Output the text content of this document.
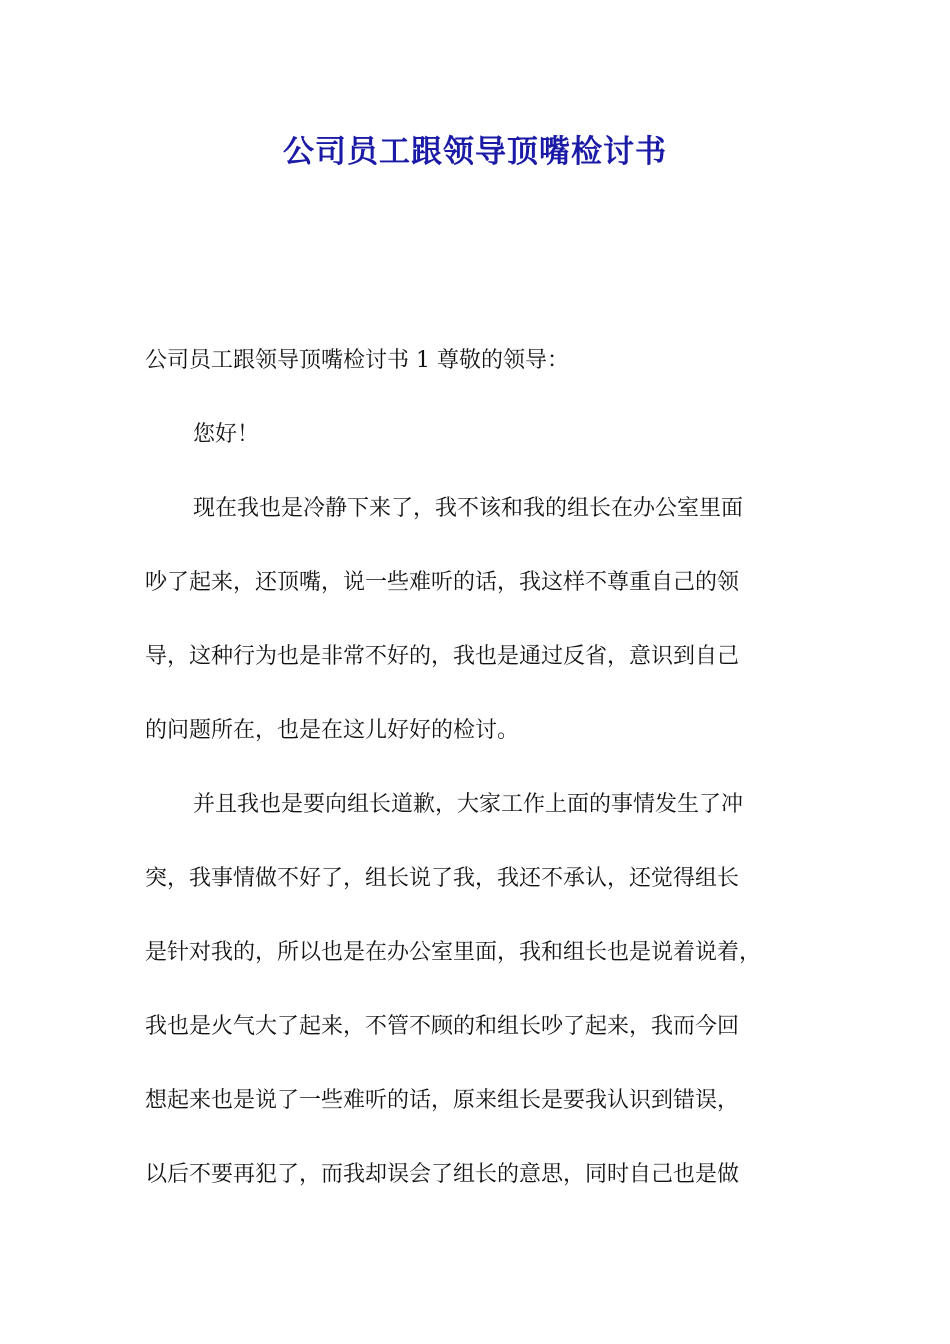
公司员工跟领导顶嘴检讨书
公司员工跟领导顶嘴检讨书 1 尊敬的领导：
您好！
现在我也是冷静下来了，我不该和我的组长在办公室里面
吵了起来，还顶嘴，说一些难听的话，我这样不尊重自己的领
导，这种行为也是非常不好的，我也是通过反省，意识到自己
的问题所在，也是在这儿好好的检讨。
并且我也是要向组长道歉，大家工作上面的事情发生了冲
突，我事情做不好了，组长说了我，我还不承认，还觉得组长
是针对我的，所以也是在办公室里面，我和组长也是说着说着，
我也是火气大了起来，不管不顾的和组长吵了起来，我而今回
想起来也是说了一些难听的话，原来组长是要我认识到错误，
以后不要再犯了，而我却误会了组长的意思，同时自己也是做
